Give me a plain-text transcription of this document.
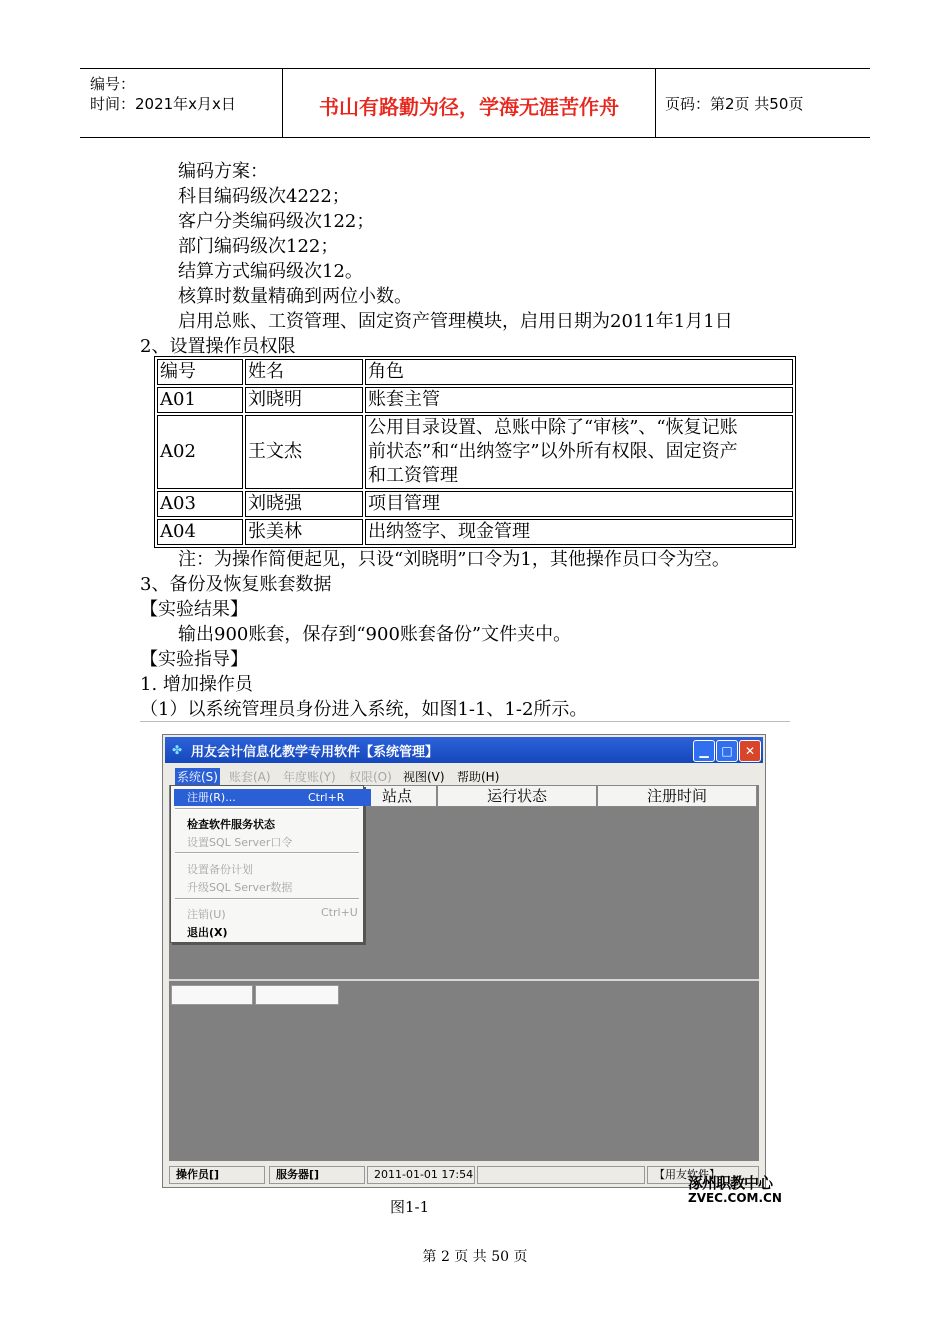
编号：
时间：2021年x月x日	书山有路勤为径，学海无涯苦作舟	页码：第2页 共50页
编码方案：
科目编码级次4222；
客户分类编码级次122；
部门编码级次122；
结算方式编码级次12。
核算时数量精确到两位小数。
启用总账、工资管理、固定资产管理模块，启用日期为2011年1月1日
2、设置操作员权限
编号	姓名	角色
A01	刘晓明	账套主管
A02	王文杰	公用目录设置、总账中除了“审核”、“恢复记账
前状态”和“出纳签字”以外所有权限、固定资产
和工资管理

A03	刘晓强	项目管理
A04	张美林	出纳签字、现金管理
注：为操作简便起见，只设“刘晓明”口令为1，其他操作员口令为空。
3、备份及恢复账套数据
【实验结果】
输出900账套，保存到“900账套备份”文件夹中。
【实验指导】
1. 增加操作员
（1）以系统管理员身份进入系统，如图1-1、1-2所示。
✤ 用友会计信息化教学专用软件【系统管理】	▁	□	✕
系统(S) 账套(A) 年度账(Y) 权限(O) 视图(V) 帮助(H)
站点	运行状态	注册时间
注册(R)...	Ctrl+R
检查软件服务状态
设置SQL Server口令
设置备份计划
升级SQL Server数据
注销(U)	Ctrl+U
退出(X)
操作员[]	服务器[]	2011-01-01 17:54	【用友软件】
涿州职教中心
ZVEC.COM.CN
图1-1
第 2 页 共 50 页
